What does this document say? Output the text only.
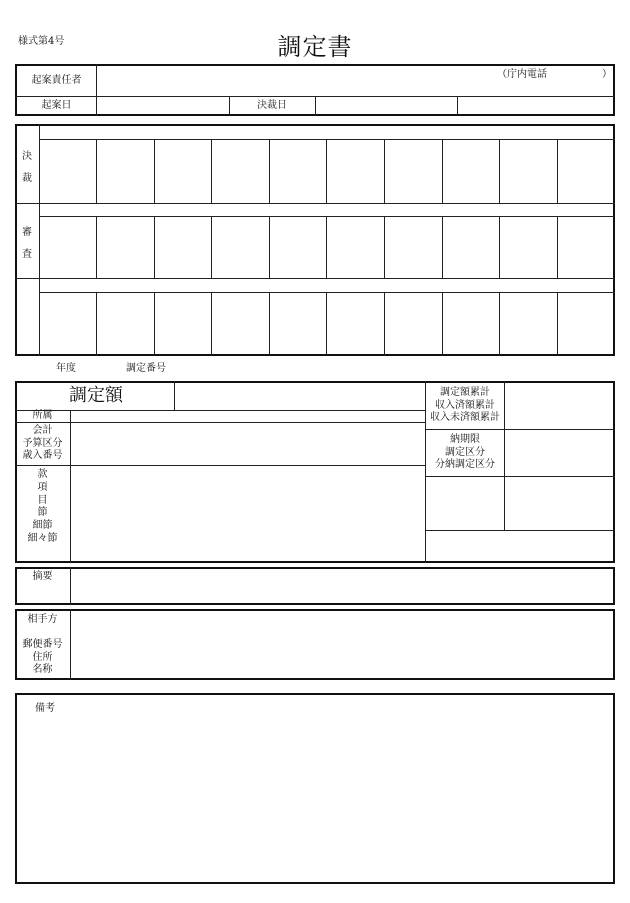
様式第4号	調定書
起案責任者
（庁内電話	）
起案日	決裁日
決
裁
審
査
年度	調定番号
調定額
所属
会計
予算区分
歳入番号
款
項
目
節
細節
細々節
調定額累計
収入済額累計
収入未済額累計
納期限
調定区分
分納調定区分
摘要
相手方
郵便番号
住所
名称
備考
